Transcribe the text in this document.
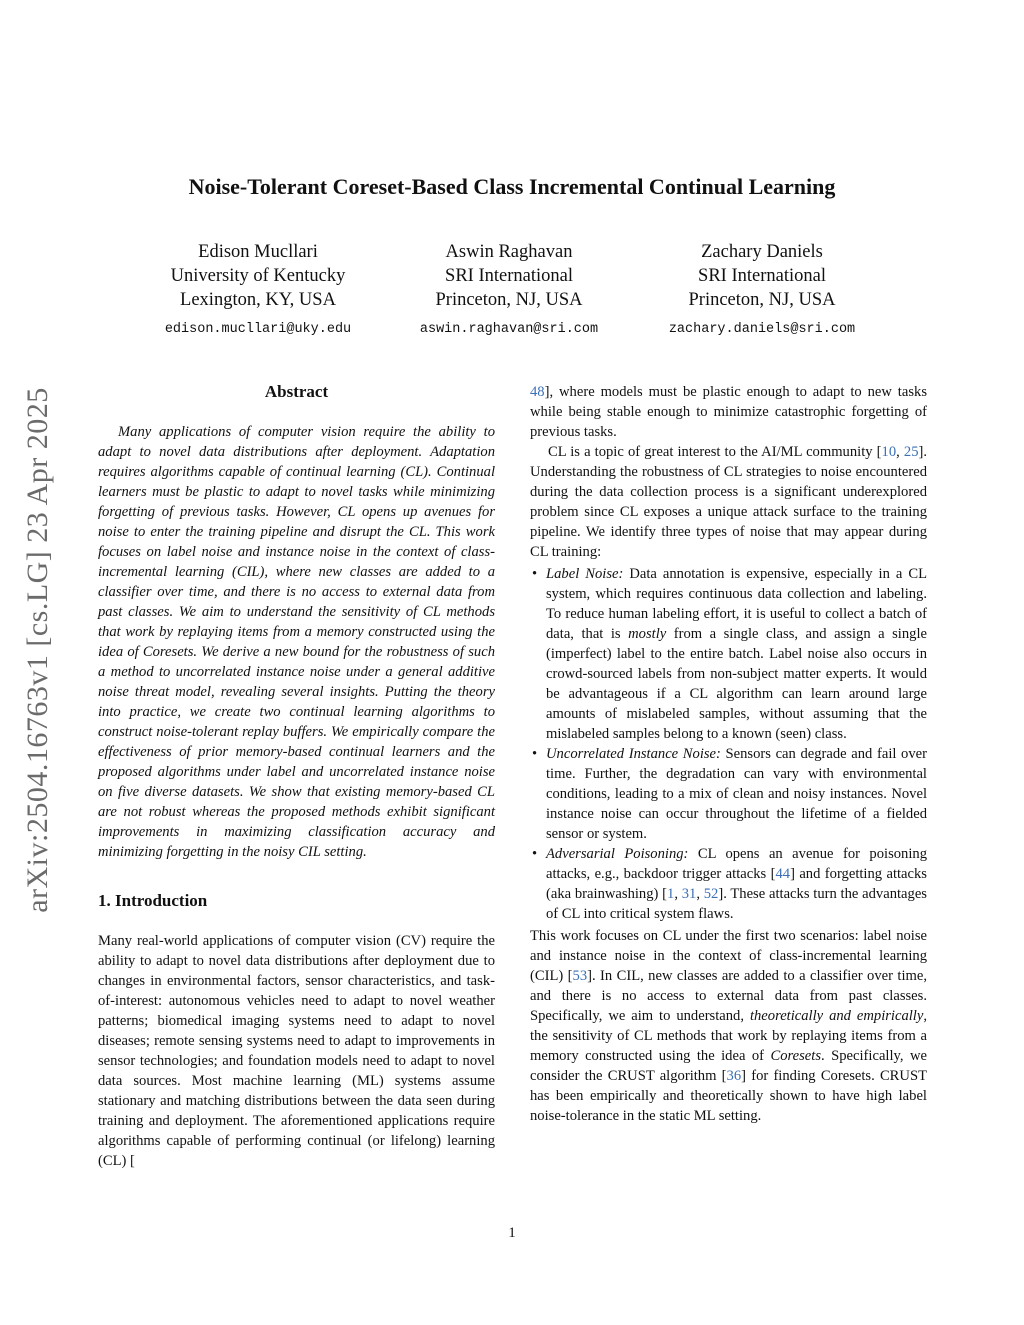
arXiv:2504.16763v1 [cs.LG] 23 Apr 2025
Noise-Tolerant Coreset-Based Class Incremental Continual Learning
Edison Mucllari
University of Kentucky
Lexington, KY, USA
edison.mucllari@uky.edu
Aswin Raghavan
SRI International
Princeton, NJ, USA
aswin.raghavan@sri.com
Zachary Daniels
SRI International
Princeton, NJ, USA
zachary.daniels@sri.com
Abstract

Many applications of computer vision require the ability to adapt to novel data distributions after deployment. Adaptation requires algorithms capable of continual learning (CL). Continual learners must be plastic to adapt to novel tasks while minimizing forgetting of previous tasks. However, CL opens up avenues for noise to enter the training pipeline and disrupt the CL. This work focuses on label noise and instance noise in the context of class-incremental learning (CIL), where new classes are added to a classifier over time, and there is no access to external data from past classes. We aim to understand the sensitivity of CL methods that work by replaying items from a memory constructed using the idea of Coresets. We derive a new bound for the robustness of such a method to uncorrelated instance noise under a general additive noise threat model, revealing several insights. Putting the theory into practice, we create two continual learning algorithms to construct noise-tolerant replay buffers. We empirically compare the effectiveness of prior memory-based continual learners and the proposed algorithms under label and uncorrelated instance noise on five diverse datasets. We show that existing memory-based CL are not robust whereas the proposed methods exhibit significant improvements in maximizing classification accuracy and minimizing forgetting in the noisy CIL setting.

1. Introduction

Many real-world applications of computer vision (CV) require the ability to adapt to novel data distributions after deployment due to changes in environmental factors, sensor characteristics, and task-of-interest: autonomous vehicles need to adapt to novel weather patterns; biomedical imaging systems need to adapt to novel diseases; remote sensing systems need to adapt to improvements in sensor technologies; and foundation models need to adapt to novel data sources. Most machine learning (ML) systems assume stationary and matching distributions between the data seen during training and deployment. The aforementioned applications require algorithms capable of performing continual (or lifelong) learning (CL) [

48], where models must be plastic enough to adapt to new tasks while being stable enough to minimize catastrophic forgetting of previous tasks.

CL is a topic of great interest to the AI/ML community [10, 25]. Understanding the robustness of CL strategies to noise encountered during the data collection process is a significant underexplored problem since CL exposes a unique attack surface to the training pipeline. We identify three types of noise that may appear during CL training:

• Label Noise: Data annotation is expensive, especially in a CL system, which requires continuous data collection and labeling. To reduce human labeling effort, it is useful to collect a batch of data, that is mostly from a single class, and assign a single (imperfect) label to the entire batch. Label noise also occurs in crowd-sourced labels from non-subject matter experts. It would be advantageous if a CL algorithm can learn around large amounts of mislabeled samples, without assuming that the mislabeled samples belong to a known (seen) class.
• Uncorrelated Instance Noise: Sensors can degrade and fail over time. Further, the degradation can vary with environmental conditions, leading to a mix of clean and noisy instances. Novel instance noise can occur throughout the lifetime of a fielded sensor or system.
• Adversarial Poisoning: CL opens an avenue for poisoning attacks, e.g., backdoor trigger attacks [44] and forgetting attacks (aka brainwashing) [1, 31, 52]. These attacks turn the advantages of CL into critical system flaws.

This work focuses on CL under the first two scenarios: label noise and instance noise in the context of class-incremental learning (CIL) [53]. In CIL, new classes are added to a classifier over time, and there is no access to external data from past classes. Specifically, we aim to understand, theoretically and empirically, the sensitivity of CL methods that work by replaying items from a memory constructed using the idea of Coresets. Specifically, we consider the CRUST algorithm [36] for finding Coresets. CRUST has been empirically and theoretically shown to have high label noise-tolerance in the static ML setting.

1
